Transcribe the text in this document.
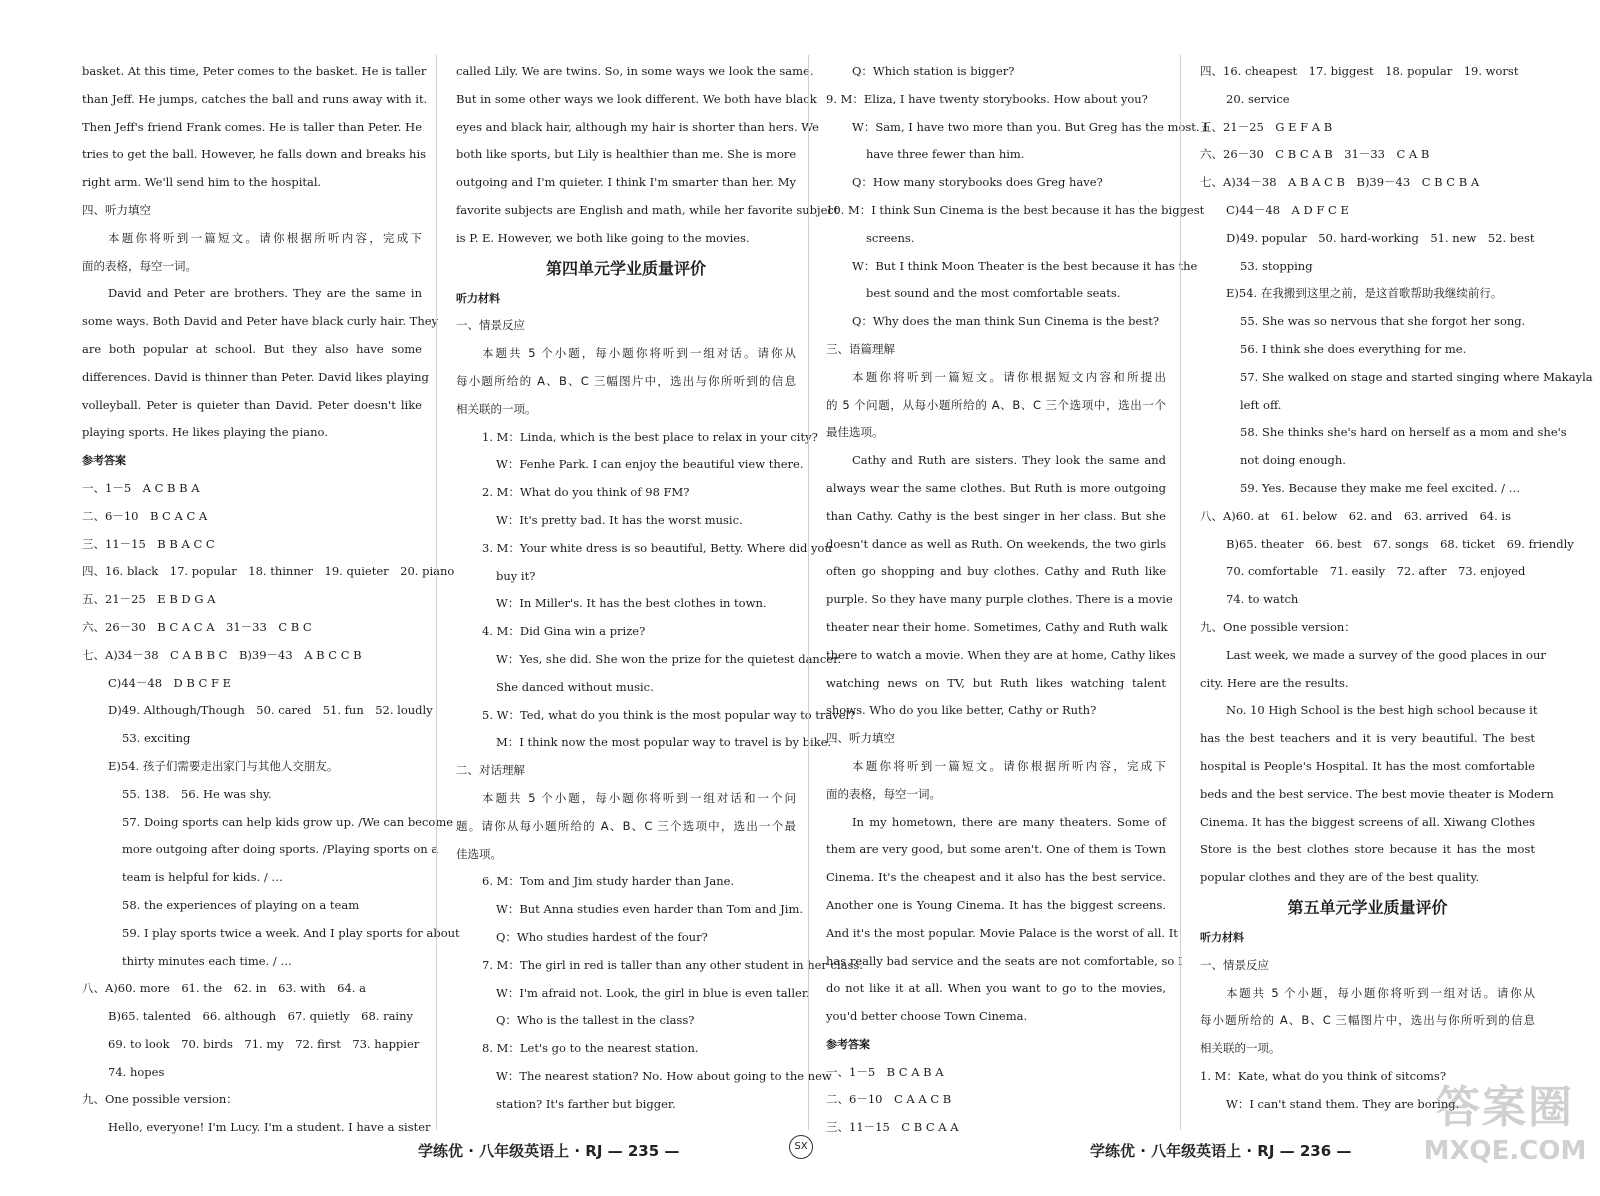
basket. At this time, Peter comes to the basket. He is taller

than Jeff. He jumps, catches the ball and runs away with it.

Then Jeff's friend Frank comes. He is taller than Peter. He

tries to get the ball. However, he falls down and breaks his

right arm. We'll send him to the hospital.

四、听力填空

本题你将听到一篇短文。请你根据所听内容，完成下

面的表格，每空一词。

David and Peter are brothers. They are the same in

some ways. Both David and Peter have black curly hair. They

are both popular at school. But they also have some

differences. David is thinner than Peter. David likes playing

volleyball. Peter is quieter than David. Peter doesn't like

playing sports. He likes playing the piano.

参考答案

一、1－5　A C B B A

二、6－10　B C A C A

三、11－15　B B A C C

四、16. black　17. popular　18. thinner　19. quieter　20. piano

五、21－25　E B D G A

六、26－30　B C A C A　31－33　C B C

七、A)34－38　C A B B C　B)39－43　A B C C B

C)44－48　D B C F E

D)49. Although/Though　50. cared　51. fun　52. loudly

53. exciting

E)54. 孩子们需要走出家门与其他人交朋友。

55. 138.　56. He was shy.

57. Doing sports can help kids grow up. /We can become

more outgoing after doing sports. /Playing sports on a

team is helpful for kids. / …

58. the experiences of playing on a team

59. I play sports twice a week. And I play sports for about

thirty minutes each time. / …

八、A)60. more　61. the　62. in　63. with　64. a

B)65. talented　66. although　67. quietly　68. rainy

69. to look　70. birds　71. my　72. first　73. happier

74. hopes

九、One possible version：

Hello, everyone! I'm Lucy. I'm a student. I have a sister

called Lily. We are twins. So, in some ways we look the same.

But in some other ways we look different. We both have black

eyes and black hair, although my hair is shorter than hers. We

both like sports, but Lily is healthier than me. She is more

outgoing and I'm quieter. I think I'm smarter than her. My

favorite subjects are English and math, while her favorite subject

is P. E. However, we both like going to the movies.

第四单元学业质量评价

听力材料

一、情景反应

本题共 5 个小题，每小题你将听到一组对话。请你从

每小题所给的 A、B、C 三幅图片中，选出与你所听到的信息

相关联的一项。

1. M：Linda, which is the best place to relax in your city?

W：Fenhe Park. I can enjoy the beautiful view there.

2. M：What do you think of 98 FM?

W：It's pretty bad. It has the worst music.

3. M：Your white dress is so beautiful, Betty. Where did you

buy it?

W：In Miller's. It has the best clothes in town.

4. M：Did Gina win a prize?

W：Yes, she did. She won the prize for the quietest dancer.

She danced without music.

5. W：Ted, what do you think is the most popular way to travel?

M：I think now the most popular way to travel is by bike.

二、对话理解

本题共 5 个小题，每小题你将听到一组对话和一个问

题。请你从每小题所给的 A、B、C 三个选项中，选出一个最

佳选项。

6. M：Tom and Jim study harder than Jane.

W：But Anna studies even harder than Tom and Jim.

Q：Who studies hardest of the four?

7. M：The girl in red is taller than any other student in her class.

W：I'm afraid not. Look, the girl in blue is even taller.

Q：Who is the tallest in the class?

8. M：Let's go to the nearest station.

W：The nearest station? No. How about going to the new

station? It's farther but bigger.

Q：Which station is bigger?

9. M：Eliza, I have twenty storybooks. How about you?

W：Sam, I have two more than you. But Greg has the most. I

have three fewer than him.

Q：How many storybooks does Greg have?

10. M：I think Sun Cinema is the best because it has the biggest

screens.

W：But I think Moon Theater is the best because it has the

best sound and the most comfortable seats.

Q：Why does the man think Sun Cinema is the best?

三、语篇理解

本题你将听到一篇短文。请你根据短文内容和所提出

的 5 个问题，从每小题所给的 A、B、C 三个选项中，选出一个

最佳选项。

Cathy and Ruth are sisters. They look the same and

always wear the same clothes. But Ruth is more outgoing

than Cathy. Cathy is the best singer in her class. But she

doesn't dance as well as Ruth. On weekends, the two girls

often go shopping and buy clothes. Cathy and Ruth like

purple. So they have many purple clothes. There is a movie

theater near their home. Sometimes, Cathy and Ruth walk

there to watch a movie. When they are at home, Cathy likes

watching news on TV, but Ruth likes watching talent

shows. Who do you like better, Cathy or Ruth?

四、听力填空

本题你将听到一篇短文。请你根据所听内容，完成下

面的表格，每空一词。

In my hometown, there are many theaters. Some of

them are very good, but some aren't. One of them is Town

Cinema. It's the cheapest and it also has the best service.

Another one is Young Cinema. It has the biggest screens.

And it's the most popular. Movie Palace is the worst of all. It

has really bad service and the seats are not comfortable, so I

do not like it at all. When you want to go to the movies,

you'd better choose Town Cinema.

参考答案

一、1－5　B C A B A

二、6－10　C A A C B

三、11－15　C B C A A

四、16. cheapest　17. biggest　18. popular　19. worst

20. service

五、21－25　G E F A B

六、26－30　C B C A B　31－33　C A B

七、A)34－38　A B A C B　B)39－43　C B C B A

C)44－48　A D F C E

D)49. popular　50. hard-working　51. new　52. best

53. stopping

E)54. 在我搬到这里之前，是这首歌帮助我继续前行。

55. She was so nervous that she forgot her song.

56. I think she does everything for me.

57. She walked on stage and started singing where Makayla

left off.

58. She thinks she's hard on herself as a mom and she's

not doing enough.

59. Yes. Because they make me feel excited. / …

八、A)60. at　61. below　62. and　63. arrived　64. is

B)65. theater　66. best　67. songs　68. ticket　69. friendly

70. comfortable　71. easily　72. after　73. enjoyed

74. to watch

九、One possible version：

Last week, we made a survey of the good places in our

city. Here are the results.

No. 10 High School is the best high school because it

has the best teachers and it is very beautiful. The best

hospital is People's Hospital. It has the most comfortable

beds and the best service. The best movie theater is Modern

Cinema. It has the biggest screens of all. Xiwang Clothes

Store is the best clothes store because it has the most

popular clothes and they are of the best quality.

第五单元学业质量评价

听力材料

一、情景反应

本题共 5 个小题，每小题你将听到一组对话。请你从

每小题所给的 A、B、C 三幅图片中，选出与你所听到的信息

相关联的一项。

1. M：Kate, what do you think of sitcoms?

W：I can't stand them. They are boring.

学练优 · 八年级英语上 · RJ — 235 —	SX	学练优 · 八年级英语上 · RJ — 236 —
答案圈
MXQE.COM
